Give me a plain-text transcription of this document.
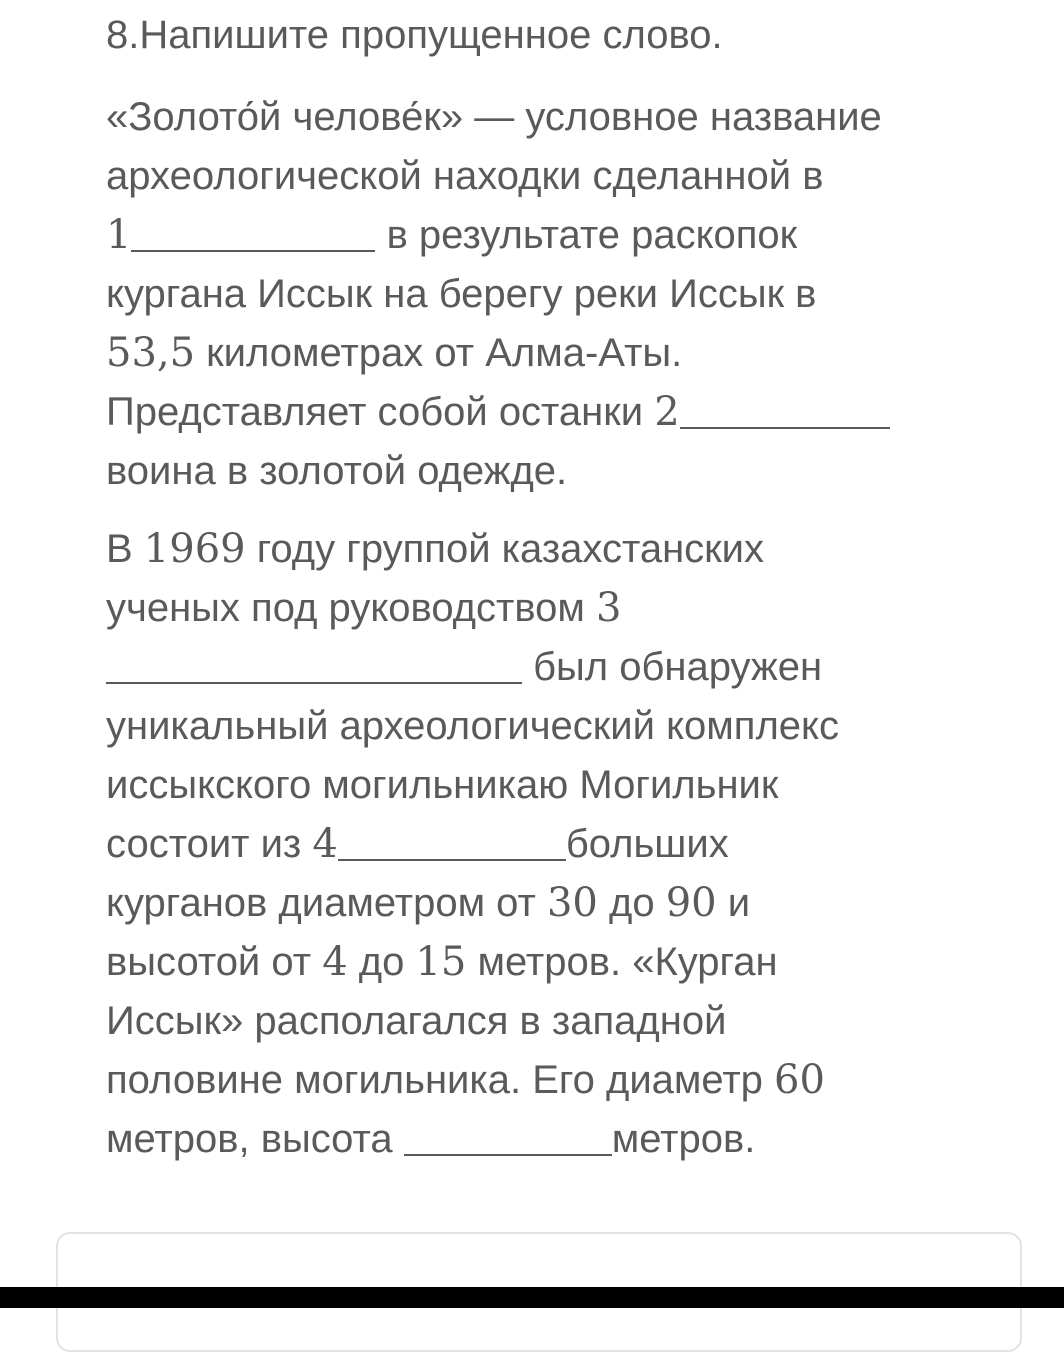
8.Напишите пропущенное слово.

«Золото́й челове́к» — условное название
археологической находки сделанной в
1	в результате раскопок
кургана Иссык на берегу реки Иссык в
53,5 километрах от Алма-Аты.
Представляет собой останки 2
воина в золотой одежде.

В 1969 году группой казахстанских
ученых под руководством 3
был обнаружен
уникальный археологический комплекс
иссыкского могильникаю Могильник
состоит из 4	больших
курганов диаметром от 30 до 90 и
высотой от 4 до 15 метров. «Курган
Иссык» располагался в западной
половине могильника. Его диаметр 60
метров, высота	метров.
